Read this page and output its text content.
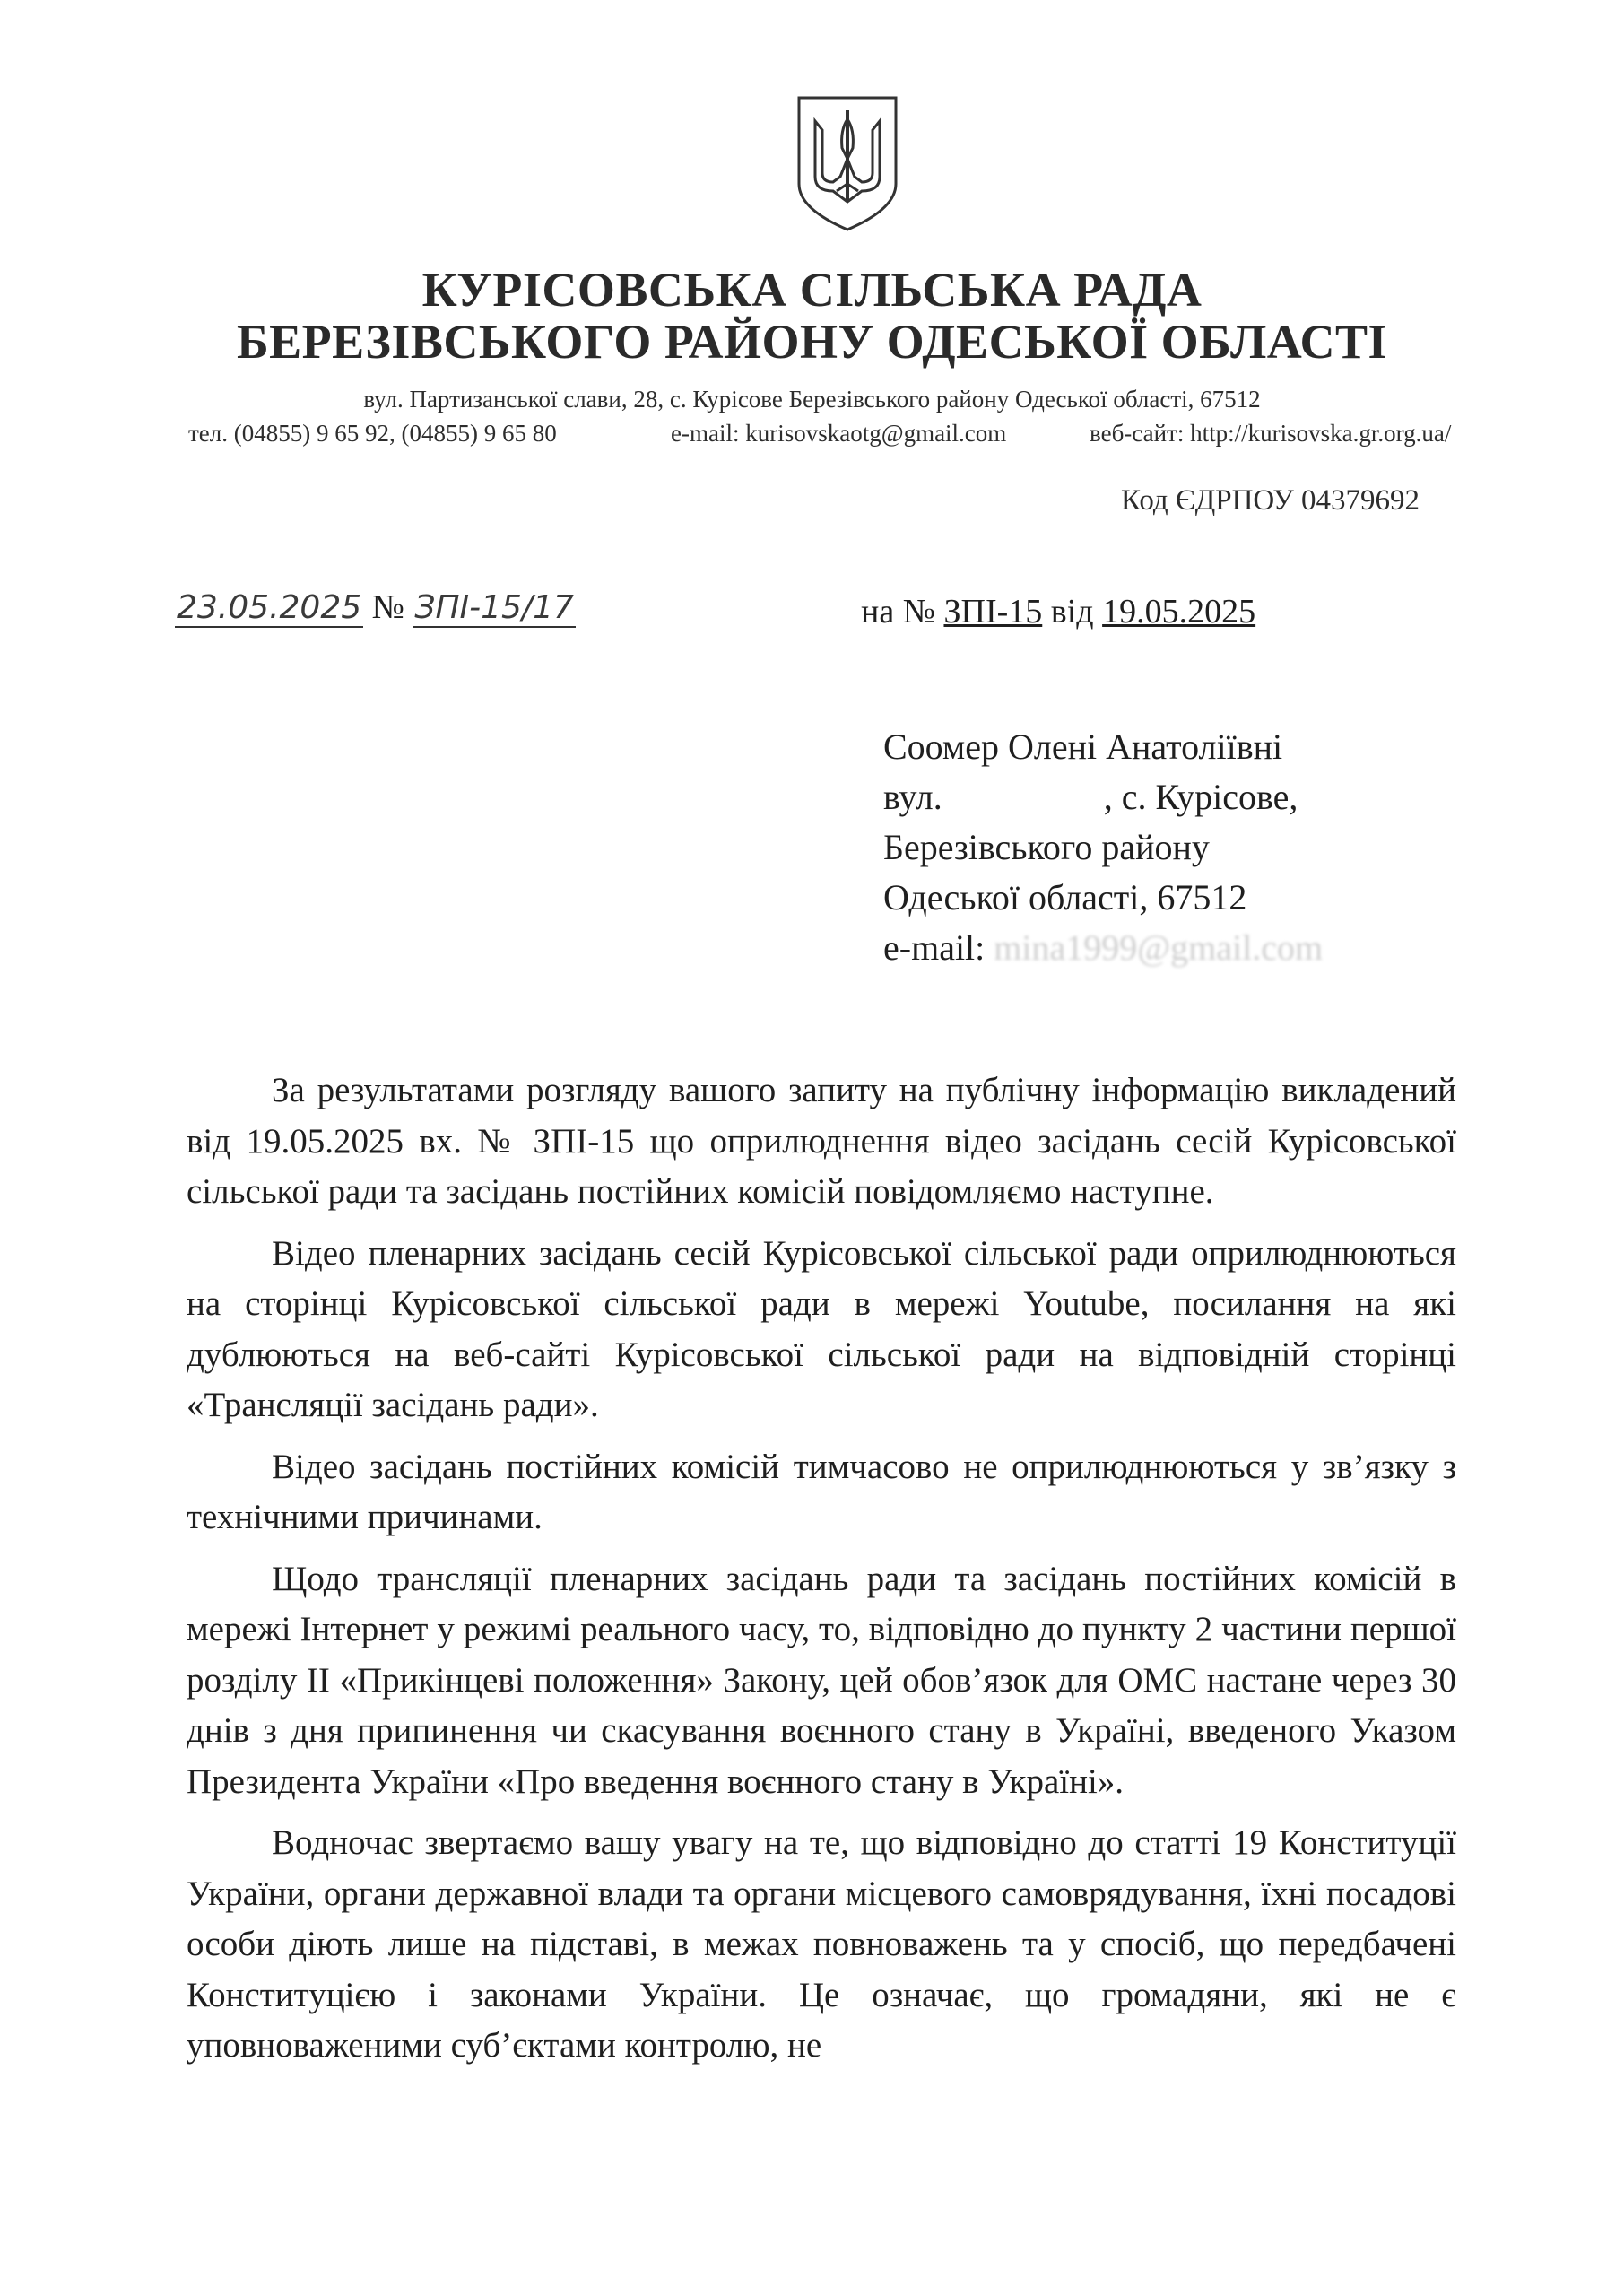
КУРІСОВСЬКА СІЛЬСЬКА РАДА
БЕРЕЗІВСЬКОГО РАЙОНУ ОДЕСЬКОЇ ОБЛАСТІ
вул. Партизанської слави, 28, с. Курісове Березівського району Одеської області, 67512
тел. (04855) 9 65 92, (04855) 9 65 80	e-mail: kurisovskaotg@gmail.com	веб-сайт: http://kurisovska.gr.org.ua/
Код ЄДРПОУ 04379692
23.05.2025 № ЗПІ-15/17	на № ЗПІ-15 від 19.05.2025
Соомер Олені Анатоліївні
вул.	, с. Курісове,
Березівського району
Одеської області, 67512
e-mail: mina1999@gmail.com

За результатами розгляду вашого запиту на публічну інформацію викладений від 19.05.2025 вх. № ЗПІ-15 що оприлюднення відео засідань сесій Курісовської сільської ради та засідань постійних комісій повідомляємо наступне.

Відео пленарних засідань сесій Курісовської сільської ради оприлюднюються на сторінці Курісовської сільської ради в мережі Youtube, посилання на які дублюються на веб-сайті Курісовської сільської ради на відповідній сторінці «Трансляції засідань ради».

Відео засідань постійних комісій тимчасово не оприлюднюються у зв’язку з технічними причинами.

Щодо трансляції пленарних засідань ради та засідань постійних комісій в мережі Інтернет у режимі реального часу, то, відповідно до пункту 2 частини першої розділу ІІ «Прикінцеві положення» Закону, цей обов’язок для ОМС настане через 30 днів з дня припинення чи скасування воєнного стану в Україні, введеного Указом Президента України «Про введення воєнного стану в Україні».

Водночас звертаємо вашу увагу на те, що відповідно до статті 19 Конституції України, органи державної влади та органи місцевого самоврядування, їхні посадові особи діють лише на підставі, в межах повноважень та у спосіб, що передбачені Конституцією і законами України. Це означає, що громадяни, які не є уповноваженими суб’єктами контролю, не
